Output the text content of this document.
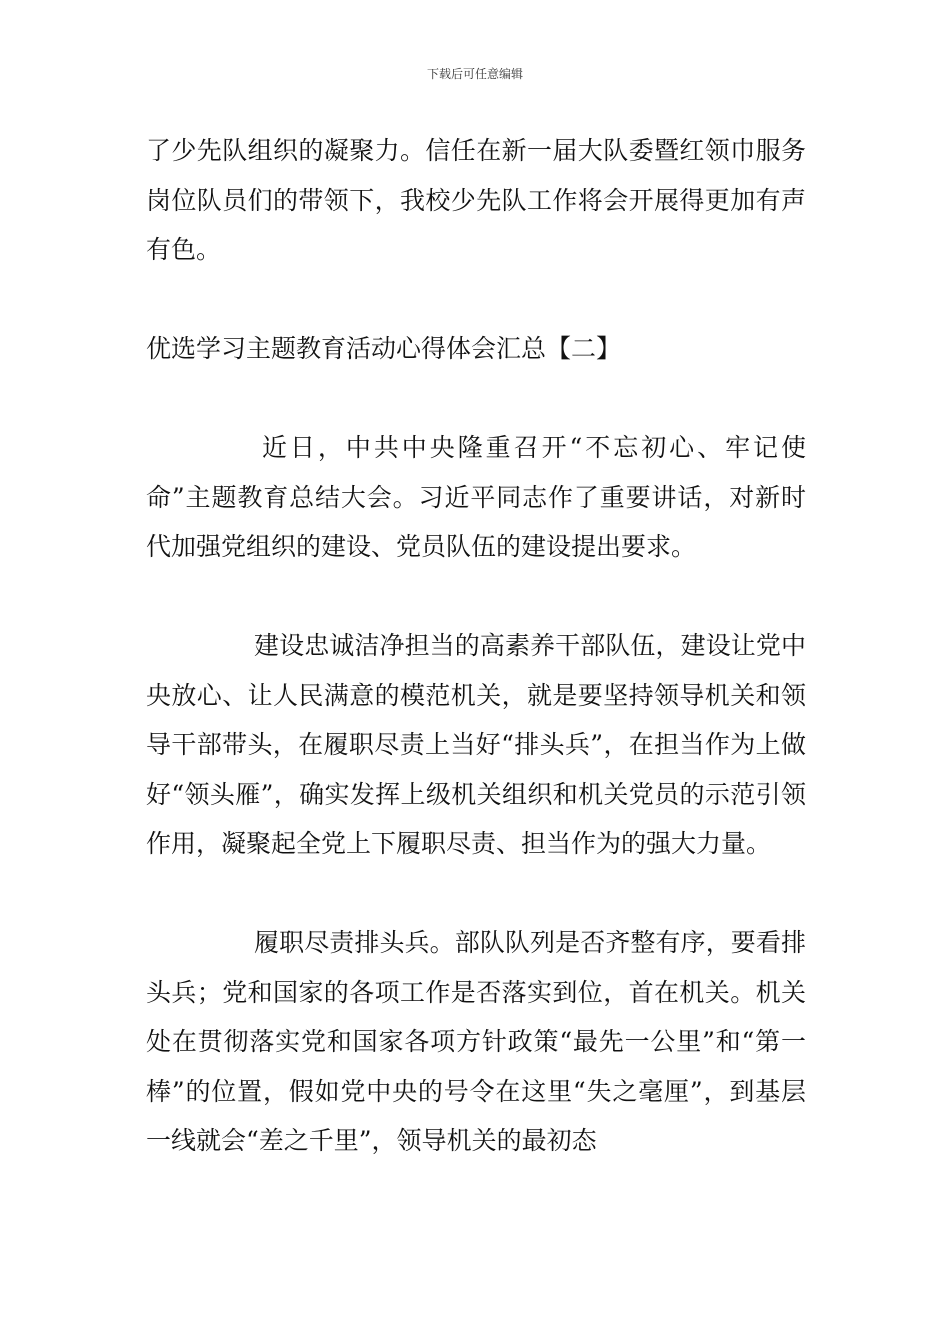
下载后可任意编辑

了少先队组织的凝聚力。信任在新一届大队委暨红领巾服务岗位队员们的带领下，我校少先队工作将会开展得更加有声有色。

优选学习主题教育活动心得体会汇总【二】

近日，中共中央隆重召开“不忘初心、牢记使命”主题教育总结大会。习近平同志作了重要讲话，对新时代加强党组织的建设、党员队伍的建设提出要求。

建设忠诚洁净担当的高素养干部队伍，建设让党中央放心、让人民满意的模范机关，就是要坚持领导机关和领导干部带头，在履职尽责上当好“排头兵”，在担当作为上做好“领头雁”，确实发挥上级机关组织和机关党员的示范引领作用，凝聚起全党上下履职尽责、担当作为的强大力量。

履职尽责排头兵。部队队列是否齐整有序，要看排头兵；党和国家的各项工作是否落实到位，首在机关。机关处在贯彻落实党和国家各项方针政策“最先一公里”和“第一棒”的位置，假如党中央的号令在这里“失之毫厘”，到基层一线就会“差之千里”，领导机关的最初态
